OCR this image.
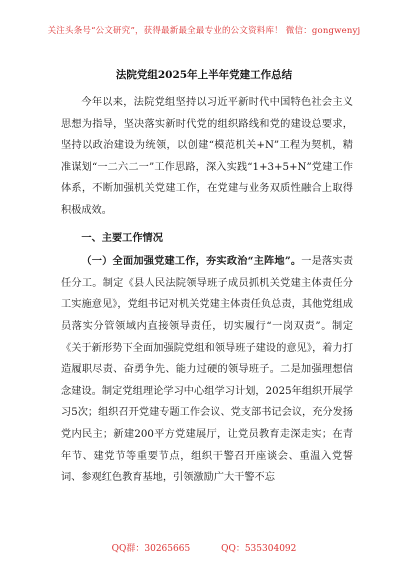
关注头条号“公文研究”，获得最新最全最专业的公文资料库！ 微信：gongwenyj
法院党组2025年上半年党建工作总结

今年以来，法院党组坚持以习近平新时代中国特色社会主义思想为指导，坚决落实新时代党的组织路线和党的建设总要求，坚持以政治建设为统领，以创建“模范机关+N”工程为契机，精准谋划“一二六二一”工作思路，深入实践“1+3+5+N”党建工作体系，不断加强机关党建工作，在党建与业务双质性融合上取得积极成效。

一、主要工作情况

（一）全面加强党建工作，夯实政治“主阵地”。一是落实责任分工。制定《县人民法院领导班子成员抓机关党建主体责任分工实施意见》，党组书记对机关党建主体责任负总责，其他党组成员落实分管领域内直接领导责任，切实履行“一岗双责”。制定《关于新形势下全面加强院党组和领导班子建设的意见》，着力打造履职尽责、奋勇争先、能力过硬的领导班子。二是加强理想信念建设。制定党组理论学习中心组学习计划，2025年组织开展学习5次；组织召开党建专题工作会议、党支部书记会议，充分发扬党内民主；新建200平方党建展厅，让党员教育走深走实；在青年节、建党节等重要节点，组织干警召开座谈会、重温入党誓词、参观红色教育基地，引领激励广大干警不忘

QQ群：30265665	QQ：535304092
